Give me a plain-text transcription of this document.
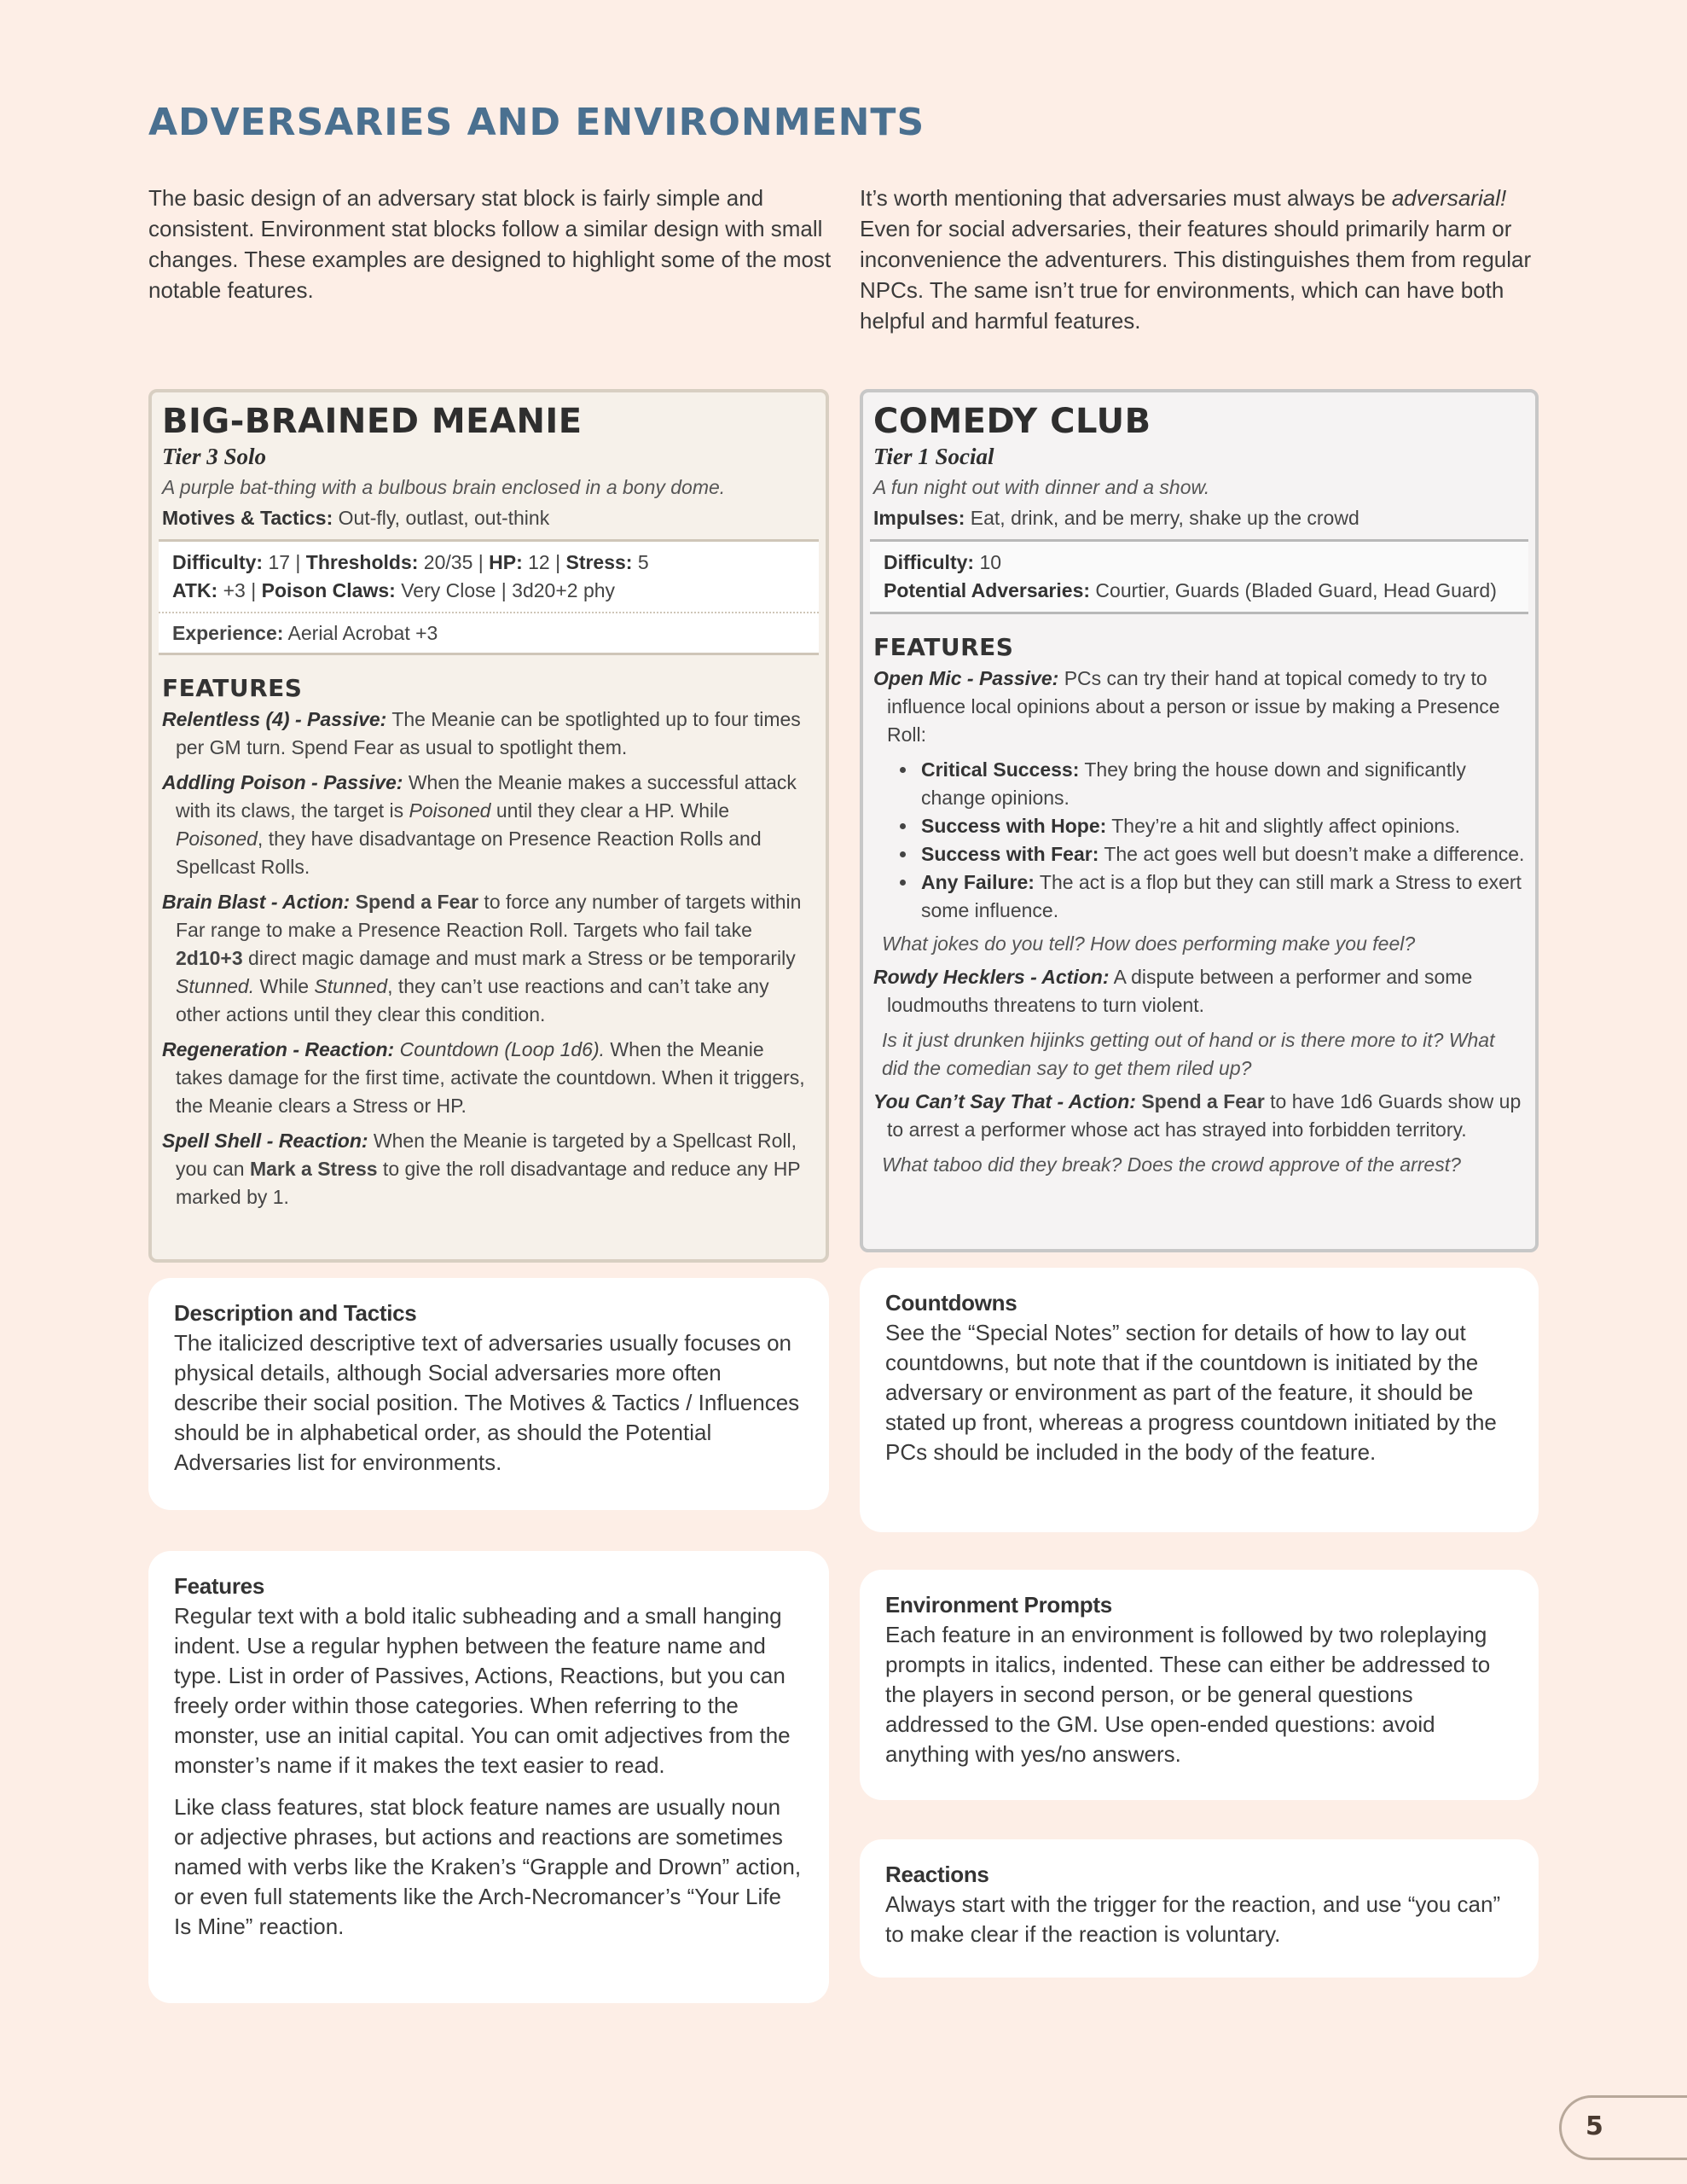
ADVERSARIES AND ENVIRONMENTS

The basic design of an adversary stat block is fairly simple and consistent. Environment stat blocks follow a similar design with small changes. These examples are designed to highlight some of the most notable features.

It’s worth mentioning that adversaries must always be adversarial! Even for social adversaries, their features should primarily harm or inconvenience the adventurers. This distinguishes them from regular NPCs. The same isn’t true for environments, which can have both helpful and harmful features.

BIG-BRAINED MEANIE

Tier 3 Solo

A purple bat-thing with a bulbous brain enclosed in a bony dome.

Motives & Tactics: Out-fly, outlast, out-think

Difficulty: 17 | Thresholds: 20/35 | HP: 12 | Stress: 5
ATK: +3 | Poison Claws: Very Close | 3d20+2 phy
Experience: Aerial Acrobat +3
FEATURES

Relentless (4) - Passive: The Meanie can be spotlighted up to four times per GM turn. Spend Fear as usual to spotlight them.

Addling Poison - Passive: When the Meanie makes a successful attack with its claws, the target is Poisoned until they clear a HP. While Poisoned, they have disadvantage on Presence Reaction Rolls and Spellcast Rolls.

Brain Blast - Action: Spend a Fear to force any number of targets within Far range to make a Presence Reaction Roll. Targets who fail take 2d10+3 direct magic damage and must mark a Stress or be temporarily Stunned. While Stunned, they can’t use reactions and can’t take any other actions until they clear this condition.

Regeneration - Reaction: Countdown (Loop 1d6). When the Meanie takes damage for the first time, activate the countdown. When it triggers, the Meanie clears a Stress or HP.

Spell Shell - Reaction: When the Meanie is targeted by a Spellcast Roll, you can Mark a Stress to give the roll disadvantage and reduce any HP marked by 1.

COMEDY CLUB

Tier 1 Social

A fun night out with dinner and a show.

Impulses: Eat, drink, and be merry, shake up the crowd

Difficulty: 10
Potential Adversaries: Courtier, Guards (Bladed Guard, Head Guard)
FEATURES

Open Mic - Passive: PCs can try their hand at topical comedy to try to influence local opinions about a person or issue by making a Presence Roll:

• Critical Success: They bring the house down and significantly change opinions.
• Success with Hope: They’re a hit and slightly affect opinions.
• Success with Fear: The act goes well but doesn’t make a difference.
• Any Failure: The act is a flop but they can still mark a Stress to exert some influence.

What jokes do you tell? How does performing make you feel?

Rowdy Hecklers - Action: A dispute between a performer and some loudmouths threatens to turn violent.

Is it just drunken hijinks getting out of hand or is there more to it? What did the comedian say to get them riled up?

You Can’t Say That - Action: Spend a Fear to have 1d6 Guards show up to arrest a performer whose act has strayed into forbidden territory.

What taboo did they break? Does the crowd approve of the arrest?

Description and Tactics

The italicized descriptive text of adversaries usually focuses on physical details, although Social adversaries more often describe their social position. The Motives & Tactics / Influences should be in alphabetical order, as should the Potential Adversaries list for environments.

Features

Regular text with a bold italic subheading and a small hanging indent. Use a regular hyphen between the feature name and type. List in order of Passives, Actions, Reactions, but you can freely order within those categories. When referring to the monster, use an initial capital. You can omit adjectives from the monster’s name if it makes the text easier to read.

Like class features, stat block feature names are usually noun or adjective phrases, but actions and reactions are sometimes named with verbs like the Kraken’s “Grapple and Drown” action, or even full statements like the Arch-Necromancer’s “Your Life Is Mine” reaction.

Countdowns

See the “Special Notes” section for details of how to lay out countdowns, but note that if the countdown is initiated by the adversary or environment as part of the feature, it should be stated up front, whereas a progress countdown initiated by the PCs should be included in the body of the feature.

Environment Prompts

Each feature in an environment is followed by two roleplaying prompts in italics, indented. These can either be addressed to the players in second person, or be general questions addressed to the GM. Use open-ended questions: avoid anything with yes/no answers.

Reactions

Always start with the trigger for the reaction, and use “you can” to make clear if the reaction is voluntary.

5
